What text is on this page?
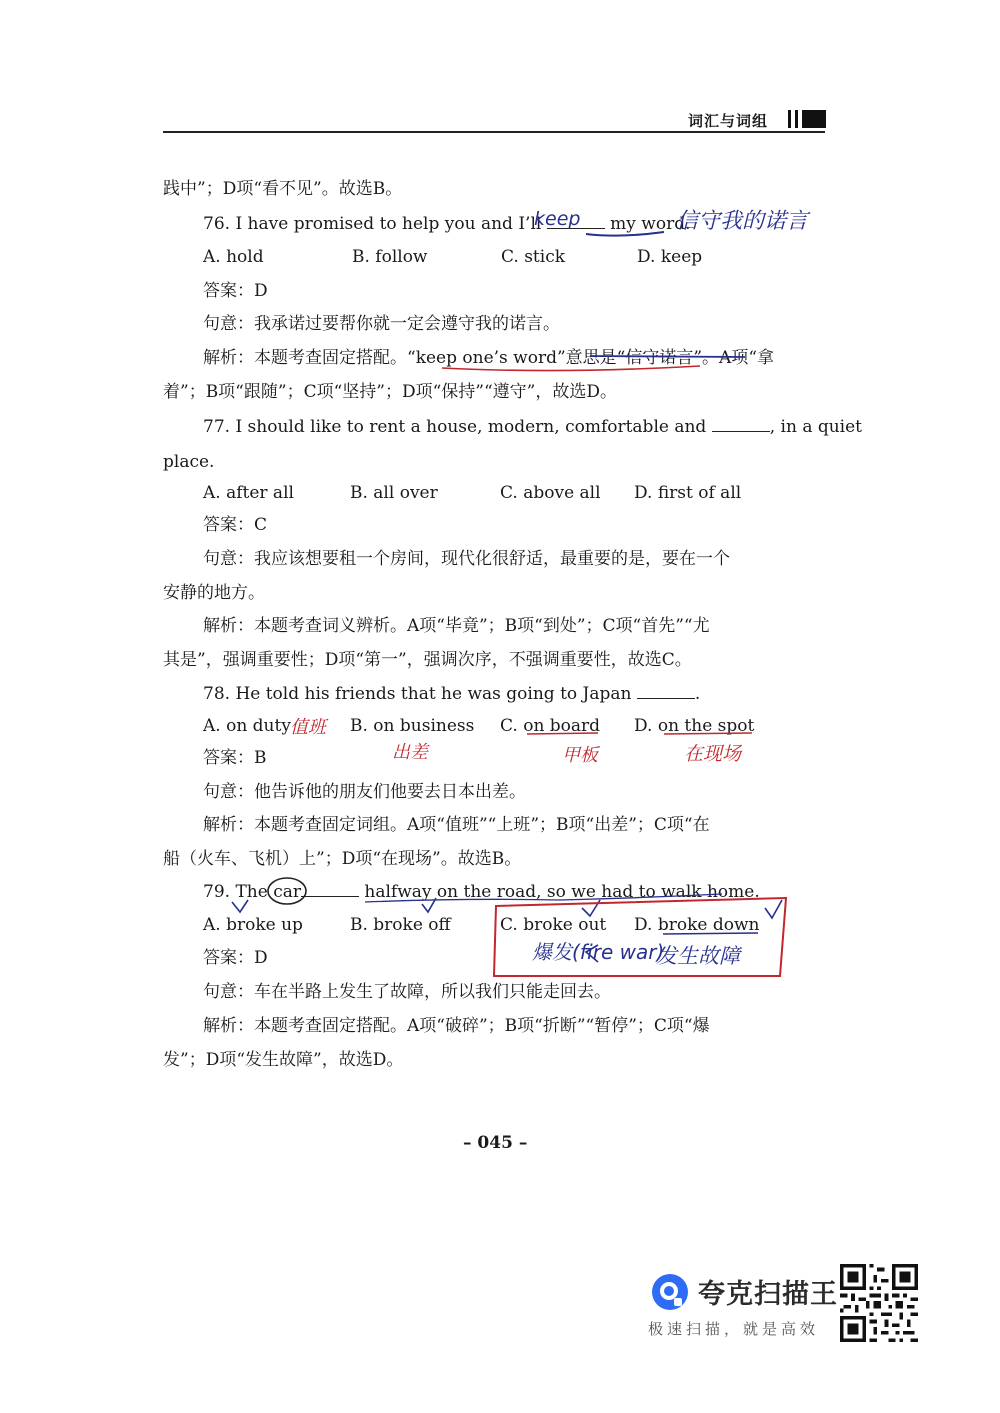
词汇与词组
践中”；D项“看不见”。故选B。
76. I have promised to help you and I’ll	my word.
keep	信守我的诺言
A. hold	B. follow	C. stick	D. keep
答案：D
句意：我承诺过要帮你就一定会遵守我的诺言。
解析：本题考查固定搭配。“keep one’s word”意思是“信守诺言”。A项“拿
着”；B项“跟随”；C项“坚持”；D项“保持”“遵守”，故选D。
77. I should like to rent a house, modern, comfortable and	, in a quiet
place.
A. after all	B. all over	C. above all D. first of all
答案：C
句意：我应该想要租一个房间，现代化很舒适，最重要的是，要在一个
安静的地方。
解析：本题考查词义辨析。A项“毕竟”；B项“到处”；C项“首先”“尤
其是”，强调重要性；D项“第一”，强调次序，不强调重要性，故选C。
78. He told his friends that he was going to Japan	.
A. on duty	B. on business C. on board D. on the spot
值班
出差	甲板	在现场
答案：B
句意：他告诉他的朋友们他要去日本出差。
解析：本题考查固定词组。A项“值班”“上班”；B项“出差”；C项“在
船（火车、飞机）上”；D项“在现场”。故选B。
79. The car	halfway on the road, so we had to walk home.
A. broke up	B. broke off	C. broke out D. broke down
爆发(fire war)
发生故障
答案：D
句意：车在半路上发生了故障，所以我们只能走回去。
解析：本题考查固定搭配。A项“破碎”；B项“折断”“暂停”；C项“爆
发”；D项“发生故障”，故选D。
– 045 –
夸克扫描王
极速扫描，就是高效
